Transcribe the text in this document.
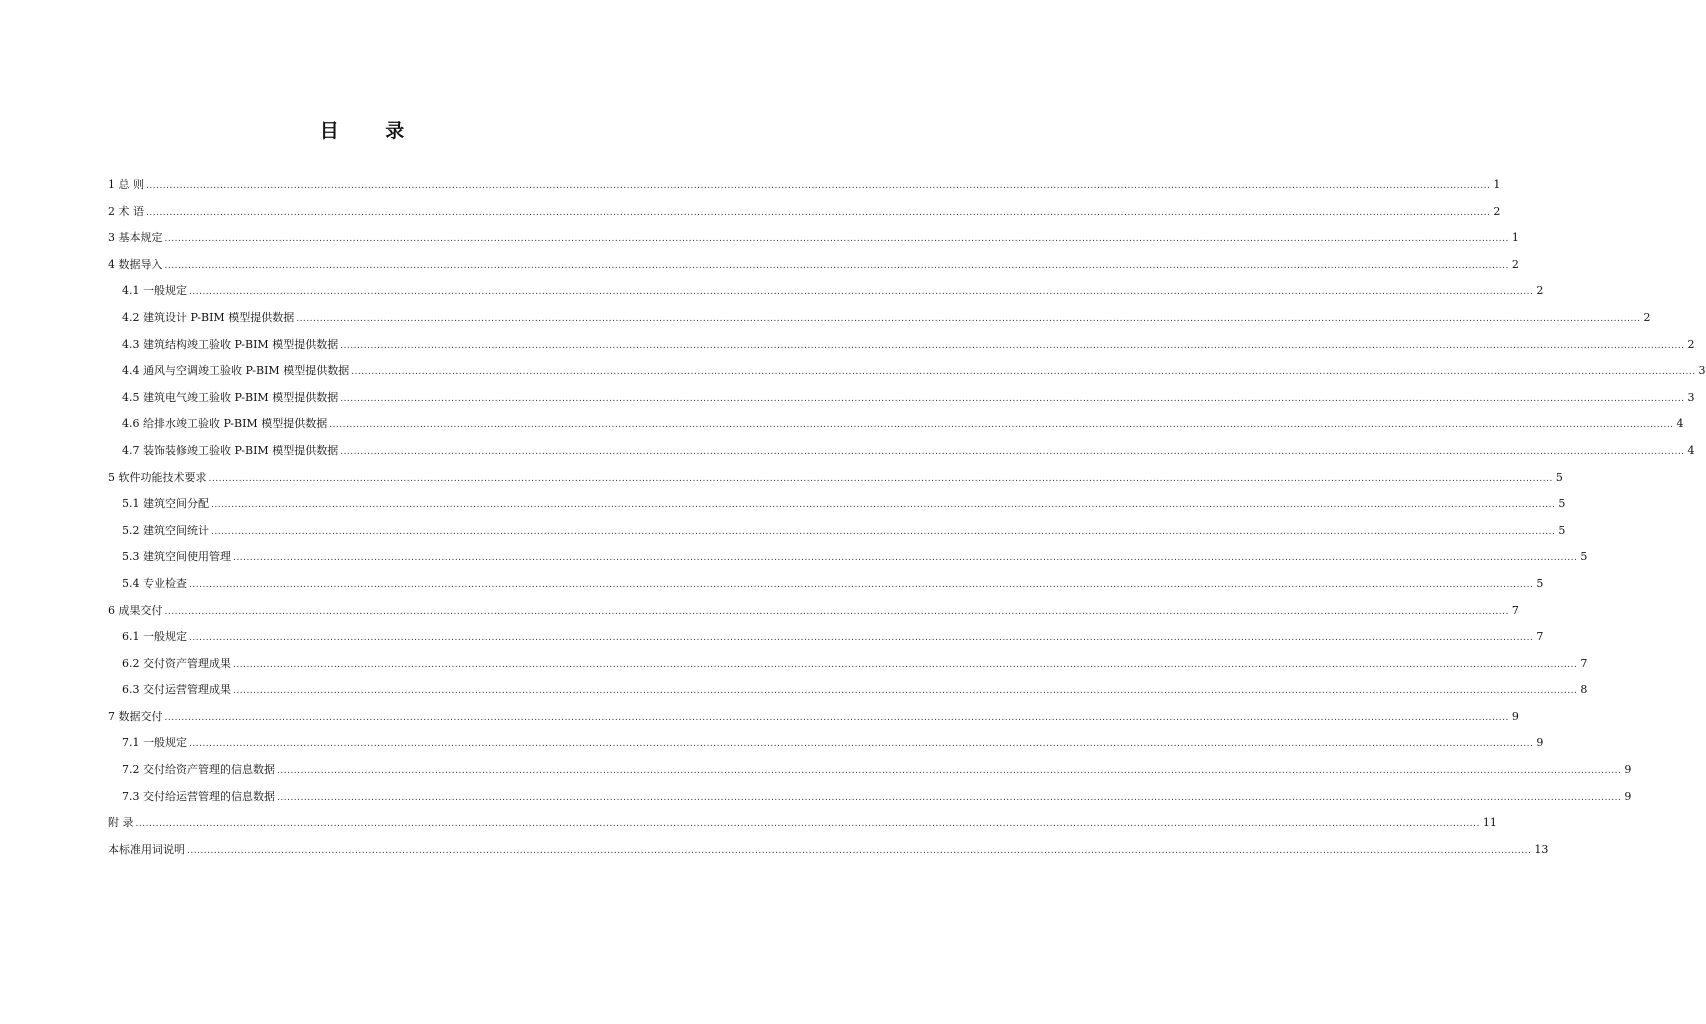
目 录
1 总 则 ................................................................................................................................................................................................................................................................................................................................................................................................................ 1
2 术 语 ................................................................................................................................................................................................................................................................................................................................................................................................................ 2
3 基本规定 ................................................................................................................................................................................................................................................................................................................................................................................................................ 1
4 数据导入 ................................................................................................................................................................................................................................................................................................................................................................................................................ 2
4.1 一般规定 ................................................................................................................................................................................................................................................................................................................................................................................................................ 2
4.2 建筑设计 P-BIM 模型提供数据 ................................................................................................................................................................................................................................................................................................................................................................................................................ 2
4.3 建筑结构竣工验收 P-BIM 模型提供数据 ................................................................................................................................................................................................................................................................................................................................................................................................................ 2
4.4 通风与空调竣工验收 P-BIM 模型提供数据 ................................................................................................................................................................................................................................................................................................................................................................................................................ 3
4.5 建筑电气竣工验收 P-BIM 模型提供数据 ................................................................................................................................................................................................................................................................................................................................................................................................................ 3
4.6 给排水竣工验收 P-BIM 模型提供数据 ................................................................................................................................................................................................................................................................................................................................................................................................................ 4
4.7 装饰装修竣工验收 P-BIM 模型提供数据 ................................................................................................................................................................................................................................................................................................................................................................................................................ 4
5 软件功能技术要求 ................................................................................................................................................................................................................................................................................................................................................................................................................ 5
5.1 建筑空间分配 ................................................................................................................................................................................................................................................................................................................................................................................................................ 5
5.2 建筑空间统计 ................................................................................................................................................................................................................................................................................................................................................................................................................ 5
5.3 建筑空间使用管理 ................................................................................................................................................................................................................................................................................................................................................................................................................ 5
5.4 专业检查 ................................................................................................................................................................................................................................................................................................................................................................................................................ 5
6 成果交付 ................................................................................................................................................................................................................................................................................................................................................................................................................ 7
6.1 一般规定 ................................................................................................................................................................................................................................................................................................................................................................................................................ 7
6.2 交付资产管理成果 ................................................................................................................................................................................................................................................................................................................................................................................................................ 7
6.3 交付运营管理成果 ................................................................................................................................................................................................................................................................................................................................................................................................................ 8
7 数据交付 ................................................................................................................................................................................................................................................................................................................................................................................................................ 9
7.1 一般规定 ................................................................................................................................................................................................................................................................................................................................................................................................................ 9
7.2 交付给资产管理的信息数据 ................................................................................................................................................................................................................................................................................................................................................................................................................ 9
7.3 交付给运营管理的信息数据 ................................................................................................................................................................................................................................................................................................................................................................................................................ 9
附 录 ................................................................................................................................................................................................................................................................................................................................................................................................................ 11
本标准用词说明 ................................................................................................................................................................................................................................................................................................................................................................................................................ 13
